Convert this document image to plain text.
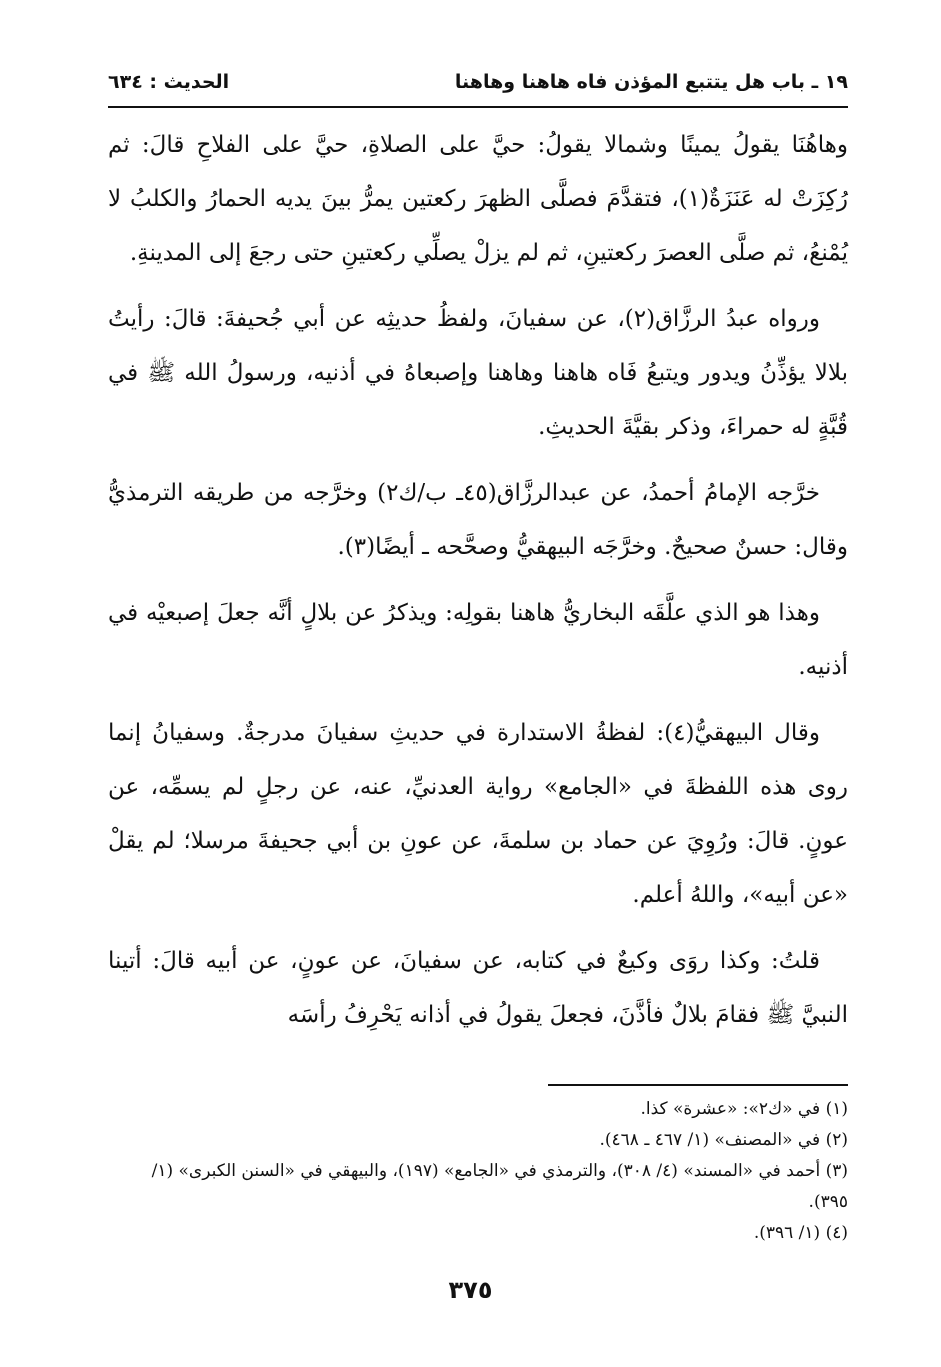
١٩ ـ باب هل يتتبع المؤذن فاه هاهنا وهاهنا
الحديث : ٦٣٤

وهاهُنَا يقولُ يمينًا وشمالا يقولُ: حيَّ على الصلاةِ، حيَّ على الفلاحِ قالَ: ثم رُكِزَتْ له عَنَزَةٌ(١)، فتقدَّمَ فصلَّى الظهرَ ركعتين يمرُّ بينَ يديه الحمارُ والكلبُ لا يُمْنعُ، ثم صلَّى العصرَ ركعتينِ، ثم لم يزلْ يصلِّي ركعتينِ حتى رجعَ إلى المدينةِ.

ورواه عبدُ الرزَّاق(٢)، عن سفيانَ، ولفظُ حديثِه عن أبي جُحيفةَ: قالَ: رأيتُ بلالا يؤذِّنُ ويدور ويتبعُ فَاه هاهنا وهاهنا وإصبعاهُ في أذنيه، ورسولُ الله ﷺ في قُبَّةٍ له حمراءَ، وذكر بقيَّةَ الحديثِ.

خرَّجه الإمامُ أحمدُ، عن عبدالرزَّاق(٤٥ـ ب/ك٢) وخرَّجه من طريقه الترمذيُّ وقال: حسنٌ صحيحٌ. وخرَّجَه البيهقيُّ وصحَّحه ـ أيضًا(٣).

وهذا هو الذي علَّقَه البخاريُّ هاهنا بقولِه: ويذكرُ عن بلالٍ أنَّه جعلَ إصبعيْه في أذنيه.

وقال البيهقيُّ(٤): لفظةُ الاستدارة في حديثِ سفيانَ مدرجةٌ. وسفيانُ إنما روى هذه اللفظةَ في «الجامع» رواية العدنيِّ، عنه، عن رجلٍ لم يسمِّه، عن عونٍ. قالَ: ورُوِيَ عن حماد بن سلمةَ، عن عونِ بن أبي جحيفةَ مرسلا؛ لم يقلْ «عن أبيه»، واللهُ أعلم.

قلتُ: وكذا روَى وكيعٌ في كتابه، عن سفيانَ، عن عونٍ، عن أبيه قالَ: أتينا النبيَّ ﷺ فقامَ بلالٌ فأذَّنَ، فجعلَ يقولُ في أذانه يَحْرِفُ رأسَه

(١) في «ك٢»: «عشرة» كذا.

(٢) في «المصنف» (١/ ٤٦٧ ـ ٤٦٨).

(٣) أحمد في «المسند» (٤/ ٣٠٨)، والترمذي في «الجامع» (١٩٧)، والبيهقي في «السنن الكبرى» (١/ ٣٩٥).

(٤) (١/ ٣٩٦).

٣٧٥
